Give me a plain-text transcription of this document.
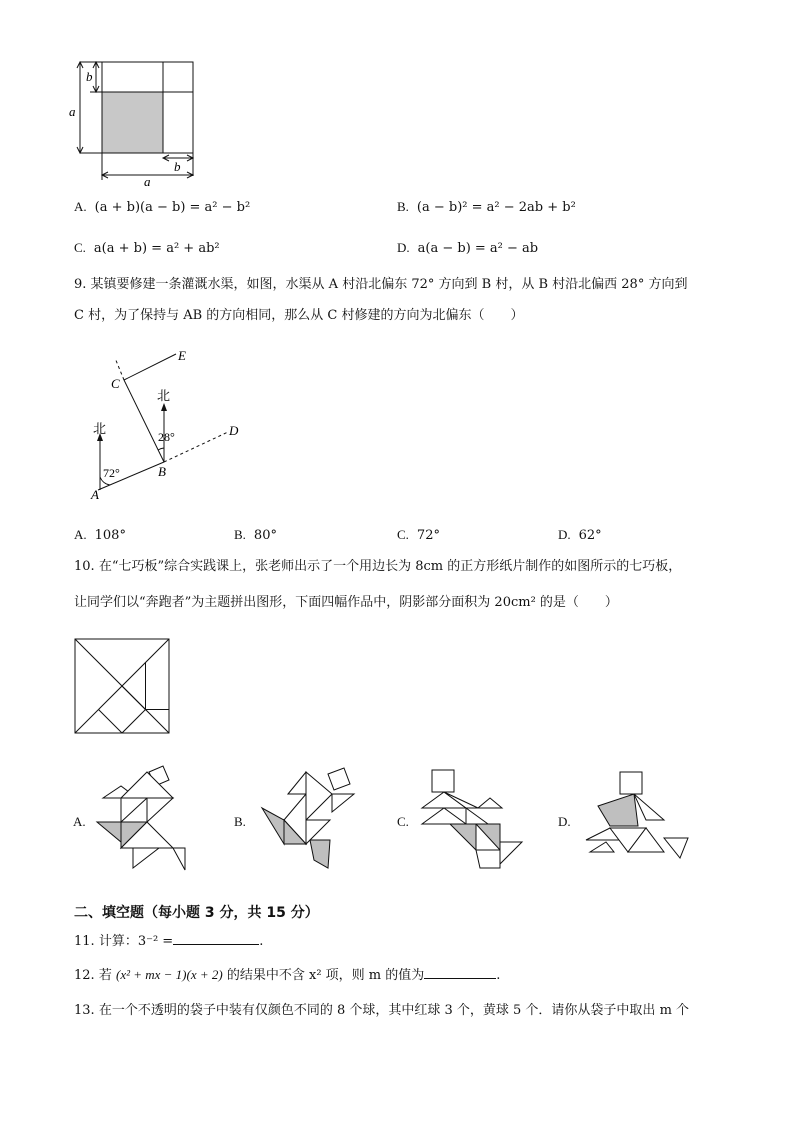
b
a
b
a
A. (a + b)(a − b) = a² − b²	B. (a − b)² = a² − 2ab + b²
C. a(a + b) = a² + ab²	D. a(a − b) = a² − ab
9. 某镇要修建一条灌溉水渠，如图，水渠从 A 村沿北偏东 72° 方向到 B 村，从 B 村沿北偏西 28° 方向到
C 村，为了保持与 AB 的方向相同，那么从 C 村修建的方向为北偏东（　　）
北
北
72°
28°
A
B
C
D
E
A. 108°	B. 80°	C. 72°	D. 62°
10. 在“七巧板”综合实践课上，张老师出示了一个用边长为 8cm 的正方形纸片制作的如图所示的七巧板，
让同学们以“奔跑者”为主题拼出图形，下面四幅作品中，阴影部分面积为 20cm² 的是（　　）
A.	B.	C.	D.
二、填空题（每小题 3 分，共 15 分）
11. 计算：3⁻² =	.
12. 若 (x² + mx − 1)(x + 2) 的结果中不含 x² 项，则 m 的值为	.
13. 在一个不透明的袋子中装有仅颜色不同的 8 个球，其中红球 3 个，黄球 5 个．请你从袋子中取出 m 个
